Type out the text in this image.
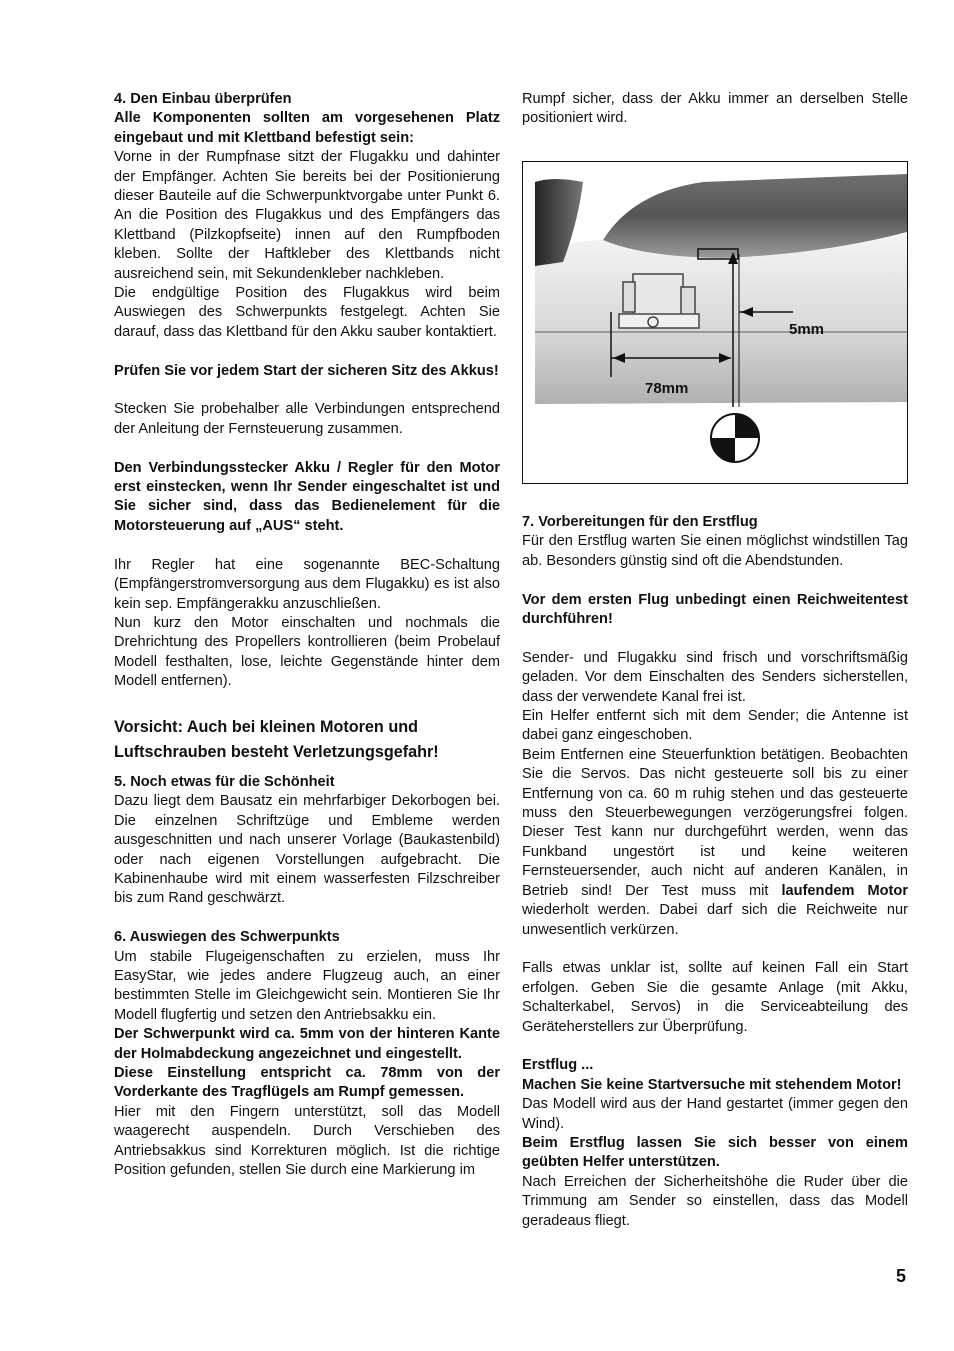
4. Den Einbau überprüfen

Alle Komponenten sollten am vorgesehenen Platz eingebaut und mit Klettband befestigt sein:

Vorne in der Rumpfnase sitzt der Flugakku und dahinter der Empfänger. Achten Sie bereits bei der Positionierung dieser Bauteile auf die Schwerpunktvorgabe unter Punkt 6. An die Position des Flugakkus und des Empfängers das Klettband (Pilzkopfseite) innen auf den Rumpfboden kleben. Sollte der Haftkleber des Klettbands nicht ausreichend sein, mit Sekundenkleber nachkleben.

Die endgültige Position des Flugakkus wird beim Auswiegen des Schwerpunkts festgelegt. Achten Sie darauf, dass das Klettband für den Akku sauber kontaktiert.

Prüfen Sie vor jedem Start der sicheren Sitz des Akkus!

Stecken Sie probehalber alle Verbindungen entsprechend der Anleitung der Fernsteuerung zusammen.

Den Verbindungsstecker Akku / Regler für den Motor erst einstecken, wenn Ihr Sender eingeschaltet ist und Sie sicher sind, dass das Bedienelement für die Motorsteuerung auf „AUS“ steht.

Ihr Regler hat eine sogenannte BEC-Schaltung (Empfängerstromversorgung aus dem Flugakku) es ist also kein sep. Empfängerakku anzuschließen.

Nun kurz den Motor einschalten und nochmals die Drehrichtung des Propellers kontrollieren (beim Probelauf Modell festhalten, lose, leichte Gegenstände hinter dem Modell entfernen).

Vorsicht: Auch bei kleinen Motoren und Luftschrauben besteht Verletzungsgefahr!

5. Noch etwas für die Schönheit

Dazu liegt dem Bausatz ein mehrfarbiger Dekorbogen bei. Die einzelnen Schriftzüge und Embleme werden ausgeschnitten und nach unserer Vorlage (Baukastenbild) oder nach eigenen Vorstellungen aufgebracht. Die Kabinenhaube wird mit einem wasserfesten Filzschreiber bis zum Rand geschwärzt.

6. Auswiegen des Schwerpunkts

Um stabile Flugeigenschaften zu erzielen, muss Ihr EasyStar, wie jedes andere Flugzeug auch, an einer bestimmten Stelle im Gleichgewicht sein. Montieren Sie Ihr Modell flugfertig und setzen den Antriebsakku ein.

Der Schwerpunkt wird ca. 5mm von der hinteren Kante der Holmabdeckung angezeichnet und eingestellt.

Diese Einstellung entspricht ca. 78mm von der Vorderkante des Tragflügels am Rumpf gemessen.

Hier mit den Fingern unterstützt, soll das Modell waagerecht auspendeln. Durch Verschieben des Antriebsakkus sind Korrekturen möglich. Ist die richtige Position gefunden, stellen Sie durch eine Markierung im

Rumpf sicher, dass der Akku immer an derselben Stelle positioniert wird.

5mm
78mm

7. Vorbereitungen für den Erstflug

Für den Erstflug warten Sie einen möglichst windstillen Tag ab. Besonders günstig sind oft die Abendstunden.

Vor dem ersten Flug unbedingt einen Reichweitentest durchführen!

Sender- und Flugakku sind frisch und vorschriftsmäßig geladen. Vor dem Einschalten des Senders sicherstellen, dass der verwendete Kanal frei ist.

Ein Helfer entfernt sich mit dem Sender; die Antenne ist dabei ganz eingeschoben.

Beim Entfernen eine Steuerfunktion betätigen. Beobachten Sie die Servos. Das nicht gesteuerte soll bis zu einer Entfernung von ca. 60 m ruhig stehen und das gesteuerte muss den Steuerbewegungen verzögerungsfrei folgen. Dieser Test kann nur durchgeführt werden, wenn das Funkband ungestört ist und keine weiteren Fernsteuersender, auch nicht auf anderen Kanälen, in Betrieb sind! Der Test muss mit laufendem Motor wiederholt werden. Dabei darf sich die Reichweite nur unwesentlich verkürzen.

Falls etwas unklar ist, sollte auf keinen Fall ein Start erfolgen. Geben Sie die gesamte Anlage (mit Akku, Schalterkabel, Servos) in die Serviceabteilung des Geräteherstellers zur Überprüfung.

Erstflug ...

Machen Sie keine Startversuche mit stehendem Motor!

Das Modell wird aus der Hand gestartet (immer gegen den Wind).

Beim Erstflug lassen Sie sich besser von einem geübten Helfer unterstützen.

Nach Erreichen der Sicherheitshöhe die Ruder über die Trimmung am Sender so einstellen, dass das Modell geradeaus fliegt.

5
